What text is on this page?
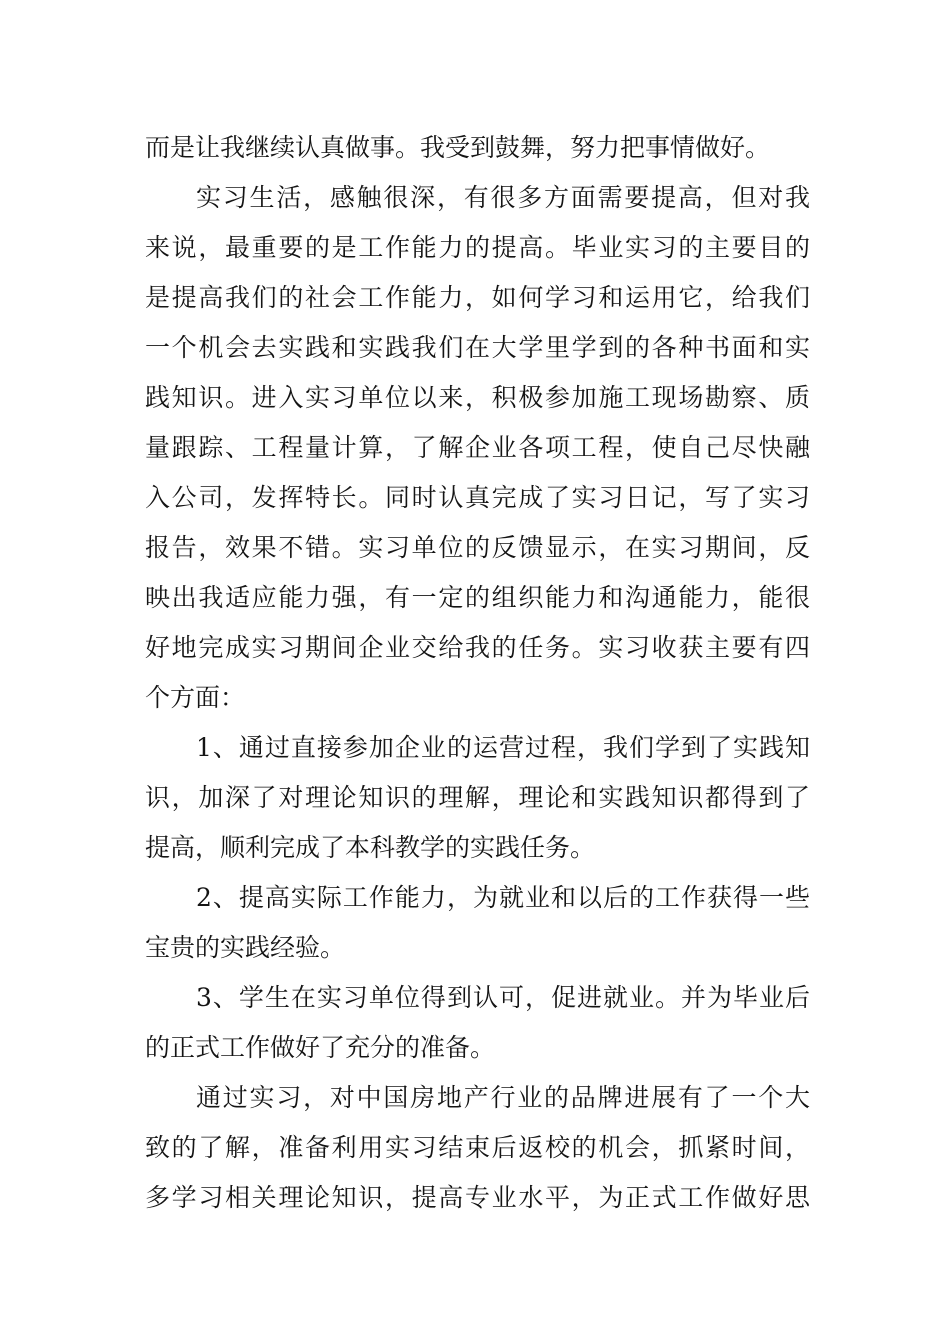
而是让我继续认真做事。我受到鼓舞，努力把事情做好。
实习生活，感触很深，有很多方面需要提高，但对我
来说，最重要的是工作能力的提高。毕业实习的主要目的
是提高我们的社会工作能力，如何学习和运用它，给我们
一个机会去实践和实践我们在大学里学到的各种书面和实
践知识。进入实习单位以来，积极参加施工现场勘察、质
量跟踪、工程量计算，了解企业各项工程，使自己尽快融
入公司，发挥特长。同时认真完成了实习日记，写了实习
报告，效果不错。实习单位的反馈显示，在实习期间，反
映出我适应能力强，有一定的组织能力和沟通能力，能很
好地完成实习期间企业交给我的任务。实习收获主要有四
个方面：
1、通过直接参加企业的运营过程，我们学到了实践知
识，加深了对理论知识的理解，理论和实践知识都得到了
提高，顺利完成了本科教学的实践任务。
2、提高实际工作能力，为就业和以后的工作获得一些
宝贵的实践经验。
3、学生在实习单位得到认可，促进就业。并为毕业后
的正式工作做好了充分的准备。
通过实习，对中国房地产行业的品牌进展有了一个大
致的了解，准备利用实习结束后返校的机会，抓紧时间，
多学习相关理论知识，提高专业水平，为正式工作做好思
